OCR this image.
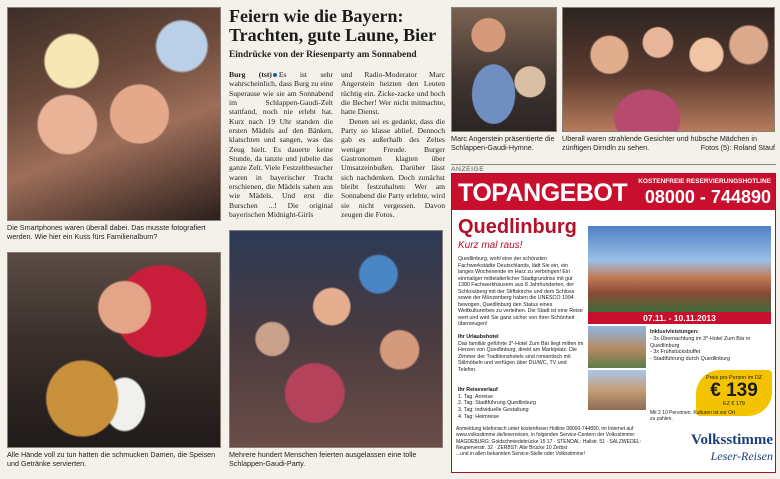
Die Smartphones waren überall dabei. Das musste fotografiert werden. Wie hier ein Kuss fürs Familienalbum?
Alle Hände voll zu tun hatten die schmucken Damen, die Speisen und Getränke servierten.
Mehrere hundert Menschen feierten ausgelassen eine tolle Schlappen-Gaudi-Party.
Marc Angerstein präsentierte die Schlappen-Gaudi-Hymne.
Überall waren strahlende Gesichter und hübsche Mädchen in zünftigen Dirndln zu sehen.	Fotos (5): Roland Stauf
Feiern wie die Bayern: Trachten, gute Laune, Bier
Eindrücke von der Riesenparty am Sonnabend

Burg (tst) Es ist sehr wahrscheinlich, dass Burg zu eine Superause wie sie am Sonnabend im Schlappen-Gaudi-Zelt stattfand, noch nie erlebt hat. Kurz nach 19 Uhr standen die ersten Mädels auf den Bänken, klatschten und sangen, was das Zeug hielt. Es dauerte keine Stunde, da tanzte und jubelte das ganze Zelt. Viele Festzeltbesucher waren in bayerischer Tracht erschienen, die Mädels sahen aus wie Mädels. Und erst die Burschen ...! Die original bayerischen Midnight-Girls

und Radio-Moderator Marc Angerstein heizten den Leuten tüchtig ein. Zicke-zacke und hoch die Becher! Wer nicht mitmachte, hatte Dienst.

Denen sei es gedankt, dass die Party so klasse ablief. Dennoch gab es außerhalb des Zeltes weniger Freude. Burger Gastronomen klagten über Umsatzeinbußen. Darüber lässt sich nachdenken. Doch zunächst bleibt festzuhalten: Wer am Sonnabend die Party erlebte, wird sie nicht vergessen. Davon zeugen die Fotos.

ANZEIGE
TOPANGEBOT KOSTENFREIE RESERVIERUNGSHOTLINE
08000 - 744890
Quedlinburg
Kurz mal raus!
Quedlinburg, wohl eine der schönsten Fachwerkstädte Deutschlands, lädt Sie ein, ein langes Wochenende im Harz zu verbringen! Ein einmaliger mittelalterlicher Stadtgrundriss mit gut 1300 Fachwerkhäusern aus 8 Jahrhunderten, der Schlossberg mit der Stiftskirche und dem Schloss sowie der Münzenberg haben die UNESCO 1994 bewogen, Quedlinburg den Status eines Weltkulturerbes zu verleihen. Die Stadt ist eine Reise wert und wird Sie ganz sicher von ihrer Schönheit überzeugen!
Ihr Urlaubshotel
Das familiär geführte 3*-Hotel Zum Bär liegt mitten im Herzen von Quedlinburg, direkt am Marktplatz. Die Zimmer der Traditionshotels sind romantisch mit Stilmöbeln und verfügen über DU/WC, TV und Telefon.
Ihr Reiseverlauf
1. Tag: Anreise
2. Tag: Stadtführung Quedlinburg
3. Tag: individuelle Gestaltung
4. Tag: Heimreise
07.11. - 10.11.2013
Inklusivleistungen:
- 3x Übernachtung im 3*-Hotel Zum Bär in Quedlinburg
- 3x Frühstücksbuffet
- Stadtführung durch Quedlinburg
Preis pro Person im DZ
€ 139
EZ € 179
Mit 2 10 Personen. Kulturen ist vor Ort zu zahlen.
Anmeldung telefonisch unter kostenfreien Hotline 08000-744890, im Internet auf www.volksstimme.de/leserreisen, in folgenden Service-Centern der Volksstimme:
MAGDEBURG: Goldschmiedebrücke 15 17 · STENDAL: Hallstr. 51 · SALZWEDEL: Neuperverstr. 32 · ZERBST: Alte Brücke 10 Zerbst
...und in allen bekannten Service-Stelle oder Volksstimme!
Volksstimme
Leser-Reisen
